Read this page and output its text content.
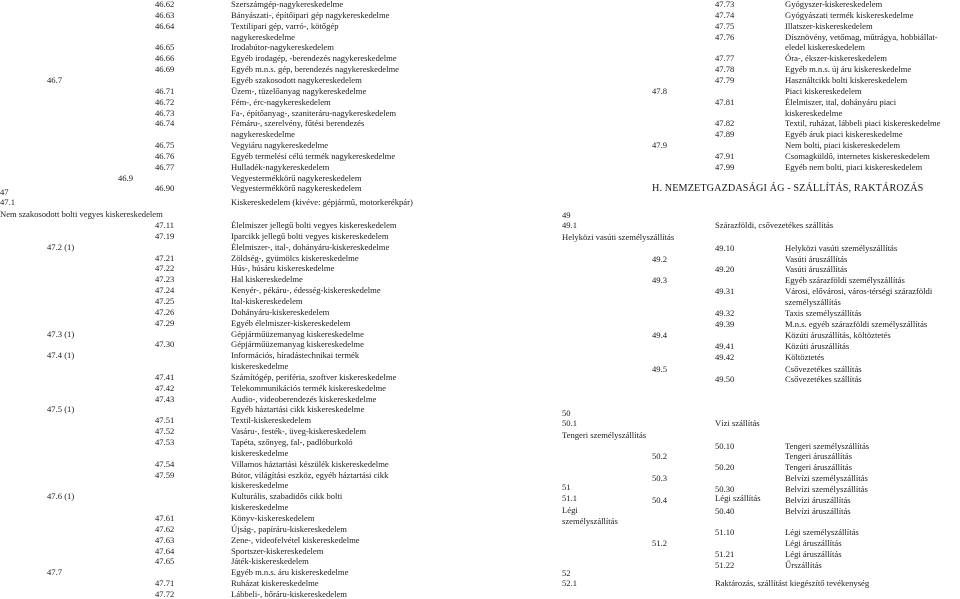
46.62	Szerszámgép-nagykereskedelme
46.63	Bányászati-, építőipari gép nagykereskedelme
46.64	Textilipari gép, varró-, kötőgép
nagykereskedelme
46.65	Irodabútor-nagykereskedelem
46.66	Egyéb irodagép, -berendezés nagykereskedelme
46.69	Egyéb m.n.s. gép, berendezés nagykereskedelme
46.7	Egyéb szakosodott nagykereskedelem
46.71	Üzem-, tüzelőanyag nagykereskedelme
46.72	Fém-, érc-nagykereskedelem
46.73	Fa-, építőanyag-, szaniteráru-nagykereskedelem
46.74	Fémáru-, szerelvény, fűtési berendezés
nagykereskedelme
46.75	Vegyiáru nagykereskedelme
46.76	Egyéb termelési célú termék nagykereskedelme
46.77	Hulladék-nagykereskedelem
46.9	Vegyestermékkörű nagykereskedelem
46.90	Vegyestermékkörű nagykereskedelem
47
47.1	Kiskereskedelem (kivéve: gépjármű, motorkerékpár)
Nem szakosodott bolti vegyes kiskereskedelem
47.11	Élelmiszer jellegű bolti vegyes kiskereskedelem
47.19	Iparcikk jellegű bolti vegyes kiskereskedelem
47.2 (1)	Élelmiszer-, ital-, dohányáru-kiskereskedelme
47.21	Zöldség-, gyümölcs kiskereskedelme
47.22	Hús-, húsáru kiskereskedelme
47.23	Hal kiskereskedelme
47.24	Kenyér-, pékáru-, édesség-kiskereskedelme
47.25	Ital-kiskereskedelem
47.26	Dohányáru-kiskereskedelem
47.29	Egyéb élelmiszer-kiskereskedelem
47.3 (1)	Gépjárműüzemanyag kiskereskedelme
47.30	Gépjárműüzemanyag kiskereskedelme
47.4 (1)	Információs, híradástechnikai termék
kiskereskedelme
47.41	Számítógép, periféria, szoftver kiskereskedelme
47.42	Telekommunikációs termék kiskereskedelme
47.43	Audio-, videoberendezés kiskereskedelme
47.5 (1)	Egyéb háztartási cikk kiskereskedelme
47.51	Textil-kiskereskedelem
47.52	Vasáru-, festék-, üveg-kiskereskedelem
47.53	Tapéta, szőnyeg, fal-, padlóburkoló
kiskereskedelme
47.54	Villamos háztartási készülék kiskereskedelme
47.59	Bútor, világítási eszköz, egyéb háztartási cikk
kiskereskedelme
47.6 (1)	Kulturális, szabadidős cikk bolti
kiskereskedelme
47.61	Könyv-kiskereskedelem
47.62	Újság-, papíráru-kiskereskedelem
47.63	Zene-, videofelvétel kiskereskedelme
47.64	Sportszer-kiskereskedelem
47.65	Játék-kiskereskedelem
47.7	Egyéb m.n.s. áru kiskereskedelme
47.71	Ruházat kiskereskedelme
47.72	Lábbeli-, bőráru-kiskereskedelem
47.73	Gyógyszer-kiskereskedelem
47.74	Gyógyászati termék kiskereskedelme
47.75	Illatszer-kiskereskedelem
47.76	Dísznövény, vetőmag, műtrágya, hobbiállat-
eledel kiskereskedelem
47.77	Óra-, ékszer-kiskereskedelem
47.78	Egyéb m.n.s. új áru kiskereskedelme
47.79	Használtcikk bolti kiskereskedelem
47.8	Piaci kiskereskedelem
47.81	Élelmiszer, ital, dohányáru piaci
kiskereskedelme
47.82	Textil, ruházat, lábbeli piaci kiskereskedelme
47.89	Egyéb áruk piaci kiskereskedelme
47.9	Nem bolti, piaci kiskereskedelem
47.91	Csomagküldő, internetes kiskereskedelem
47.99	Egyéb nem bolti, piaci kiskereskedelem
H. NEMZETGAZDASÁGI ÁG - SZÁLLÍTÁS, RAKTÁROZÁS
49
49.1	Szárazföldi, csővezetékes szállítás
Helyközi vasúti személyszállítás
49.10	Helyközi vasúti személyszállítás
49.2	Vasúti áruszállítás
49.20	Vasúti áruszállítás
49.3	Egyéb szárazföldi személyszállítás
49.31	Városi, elővárosi, város-térségi szárazföldi
személyszállítás
49.32	Taxis személyszállítás
49.39	M.n.s. egyéb szárazföldi személyszállítás
49.4	Közúti áruszállítás, költöztetés
49.41	Közúti áruszállítás
49.42	Költöztetés
49.5	Csővezetékes szállítás
49.50	Csővezetékes szállítás
50
50.1	Vízi szállítás
Tengeri személyszállítás
50.10	Tengeri személyszállítás
50.2	Tengeri áruszállítás
50.20	Tengeri áruszállítás
50.3	Belvízi személyszállítás
50.30	Belvízi személyszállítás
50.4	Belvízi áruszállítás
50.40	Belvízi áruszállítás
51
51.1	Légi szállítás
Légi
személyszállítás
51.10	Légi személyszállítás
51.2	Légi áruszállítás
51.21	Légi áruszállítás
51.22	Űrszállítás
52
52.1	Raktározás, szállítást kiegészítő tevékenység
